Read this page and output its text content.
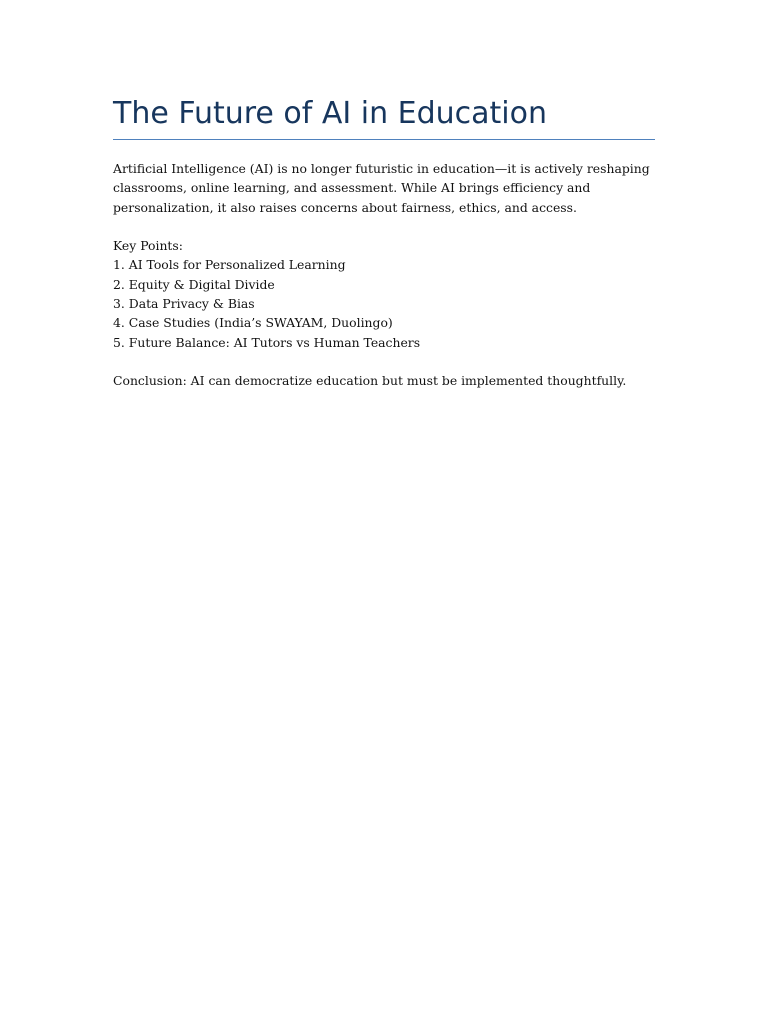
The Future of AI in Education

Artificial Intelligence (AI) is no longer futuristic in education—it is actively reshaping classrooms, online learning, and assessment. While AI brings efficiency and personalization, it also raises concerns about fairness, ethics, and access.

Key Points:

1. AI Tools for Personalized Learning
2. Equity & Digital Divide
3. Data Privacy & Bias
4. Case Studies (India’s SWAYAM, Duolingo)
5. Future Balance: AI Tutors vs Human Teachers

Conclusion: AI can democratize education but must be implemented thoughtfully.
